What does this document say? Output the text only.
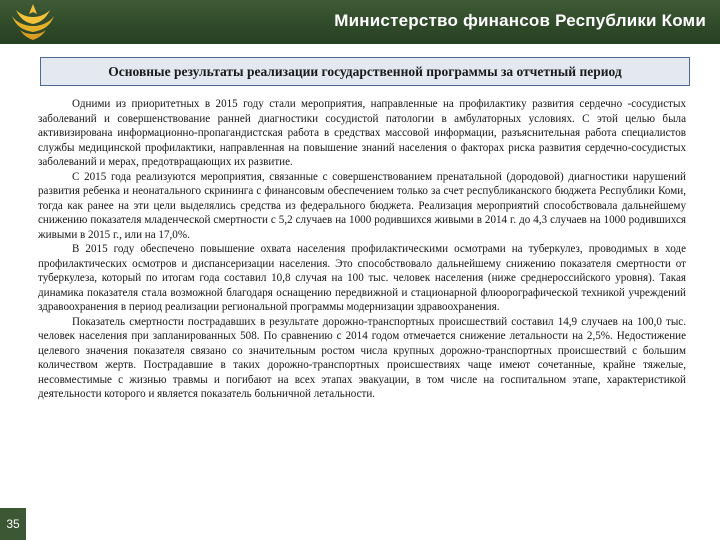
Министерство финансов Республики Коми
Основные результаты реализации государственной программы за отчетный период

Одними из приоритетных в 2015 году стали мероприятия, направленные на профилактику развития сердечно -сосудистых заболеваний и совершенствование ранней диагностики сосудистой патологии в амбулаторных условиях. С этой целью была активизирована информационно-пропагандистская работа в средствах массовой информации, разъяснительная работа специалистов службы медицинской профилактики, направленная на повышение знаний населения о факторах риска развития сердечно-сосудистых заболеваний и мерах, предотвращающих их развитие.

С 2015 года реализуются мероприятия, связанные с совершенствованием пренатальной (дородовой) диагностики нарушений развития ребенка и неонатального скрининга с финансовым обеспечением только за счет республиканского бюджета Республики Коми, тогда как ранее на эти цели выделялись средства из федерального бюджета. Реализация мероприятий способствовала дальнейшему снижению показателя младенческой смертности с 5,2 случаев на 1000 родившихся живыми в 2014 г. до 4,3 случаев на 1000 родившихся живыми в 2015 г., или на 17,0%.

В 2015 году обеспечено повышение охвата населения профилактическими осмотрами на туберкулез, проводимых в ходе профилактических осмотров и диспансеризации населения. Это способствовало дальнейшему снижению показателя смертности от туберкулеза, который по итогам года составил 10,8 случая на 100 тыс. человек населения (ниже среднероссийского уровня). Такая динамика показателя стала возможной благодаря оснащению передвижной и стационарной флюорографической техникой учреждений здравоохранения в период реализации региональной программы модернизации здравоохранения.

Показатель смертности пострадавших в результате дорожно-транспортных происшествий составил 14,9 случаев на 100,0 тыс. человек населения при запланированных 508. По сравнению с 2014 годом отмечается снижение летальности на 2,5%. Недостижение целевого значения показателя связано со значительным ростом числа крупных дорожно-транспортных происшествий с большим количеством жертв. Пострадавшие в таких дорожно-транспортных происшествиях чаще имеют сочетанные, крайне тяжелые, несовместимые с жизнью травмы и погибают на всех этапах эвакуации, в том числе на госпитальном этапе, характеристикой деятельности которого и является показатель больничной летальности.

35
